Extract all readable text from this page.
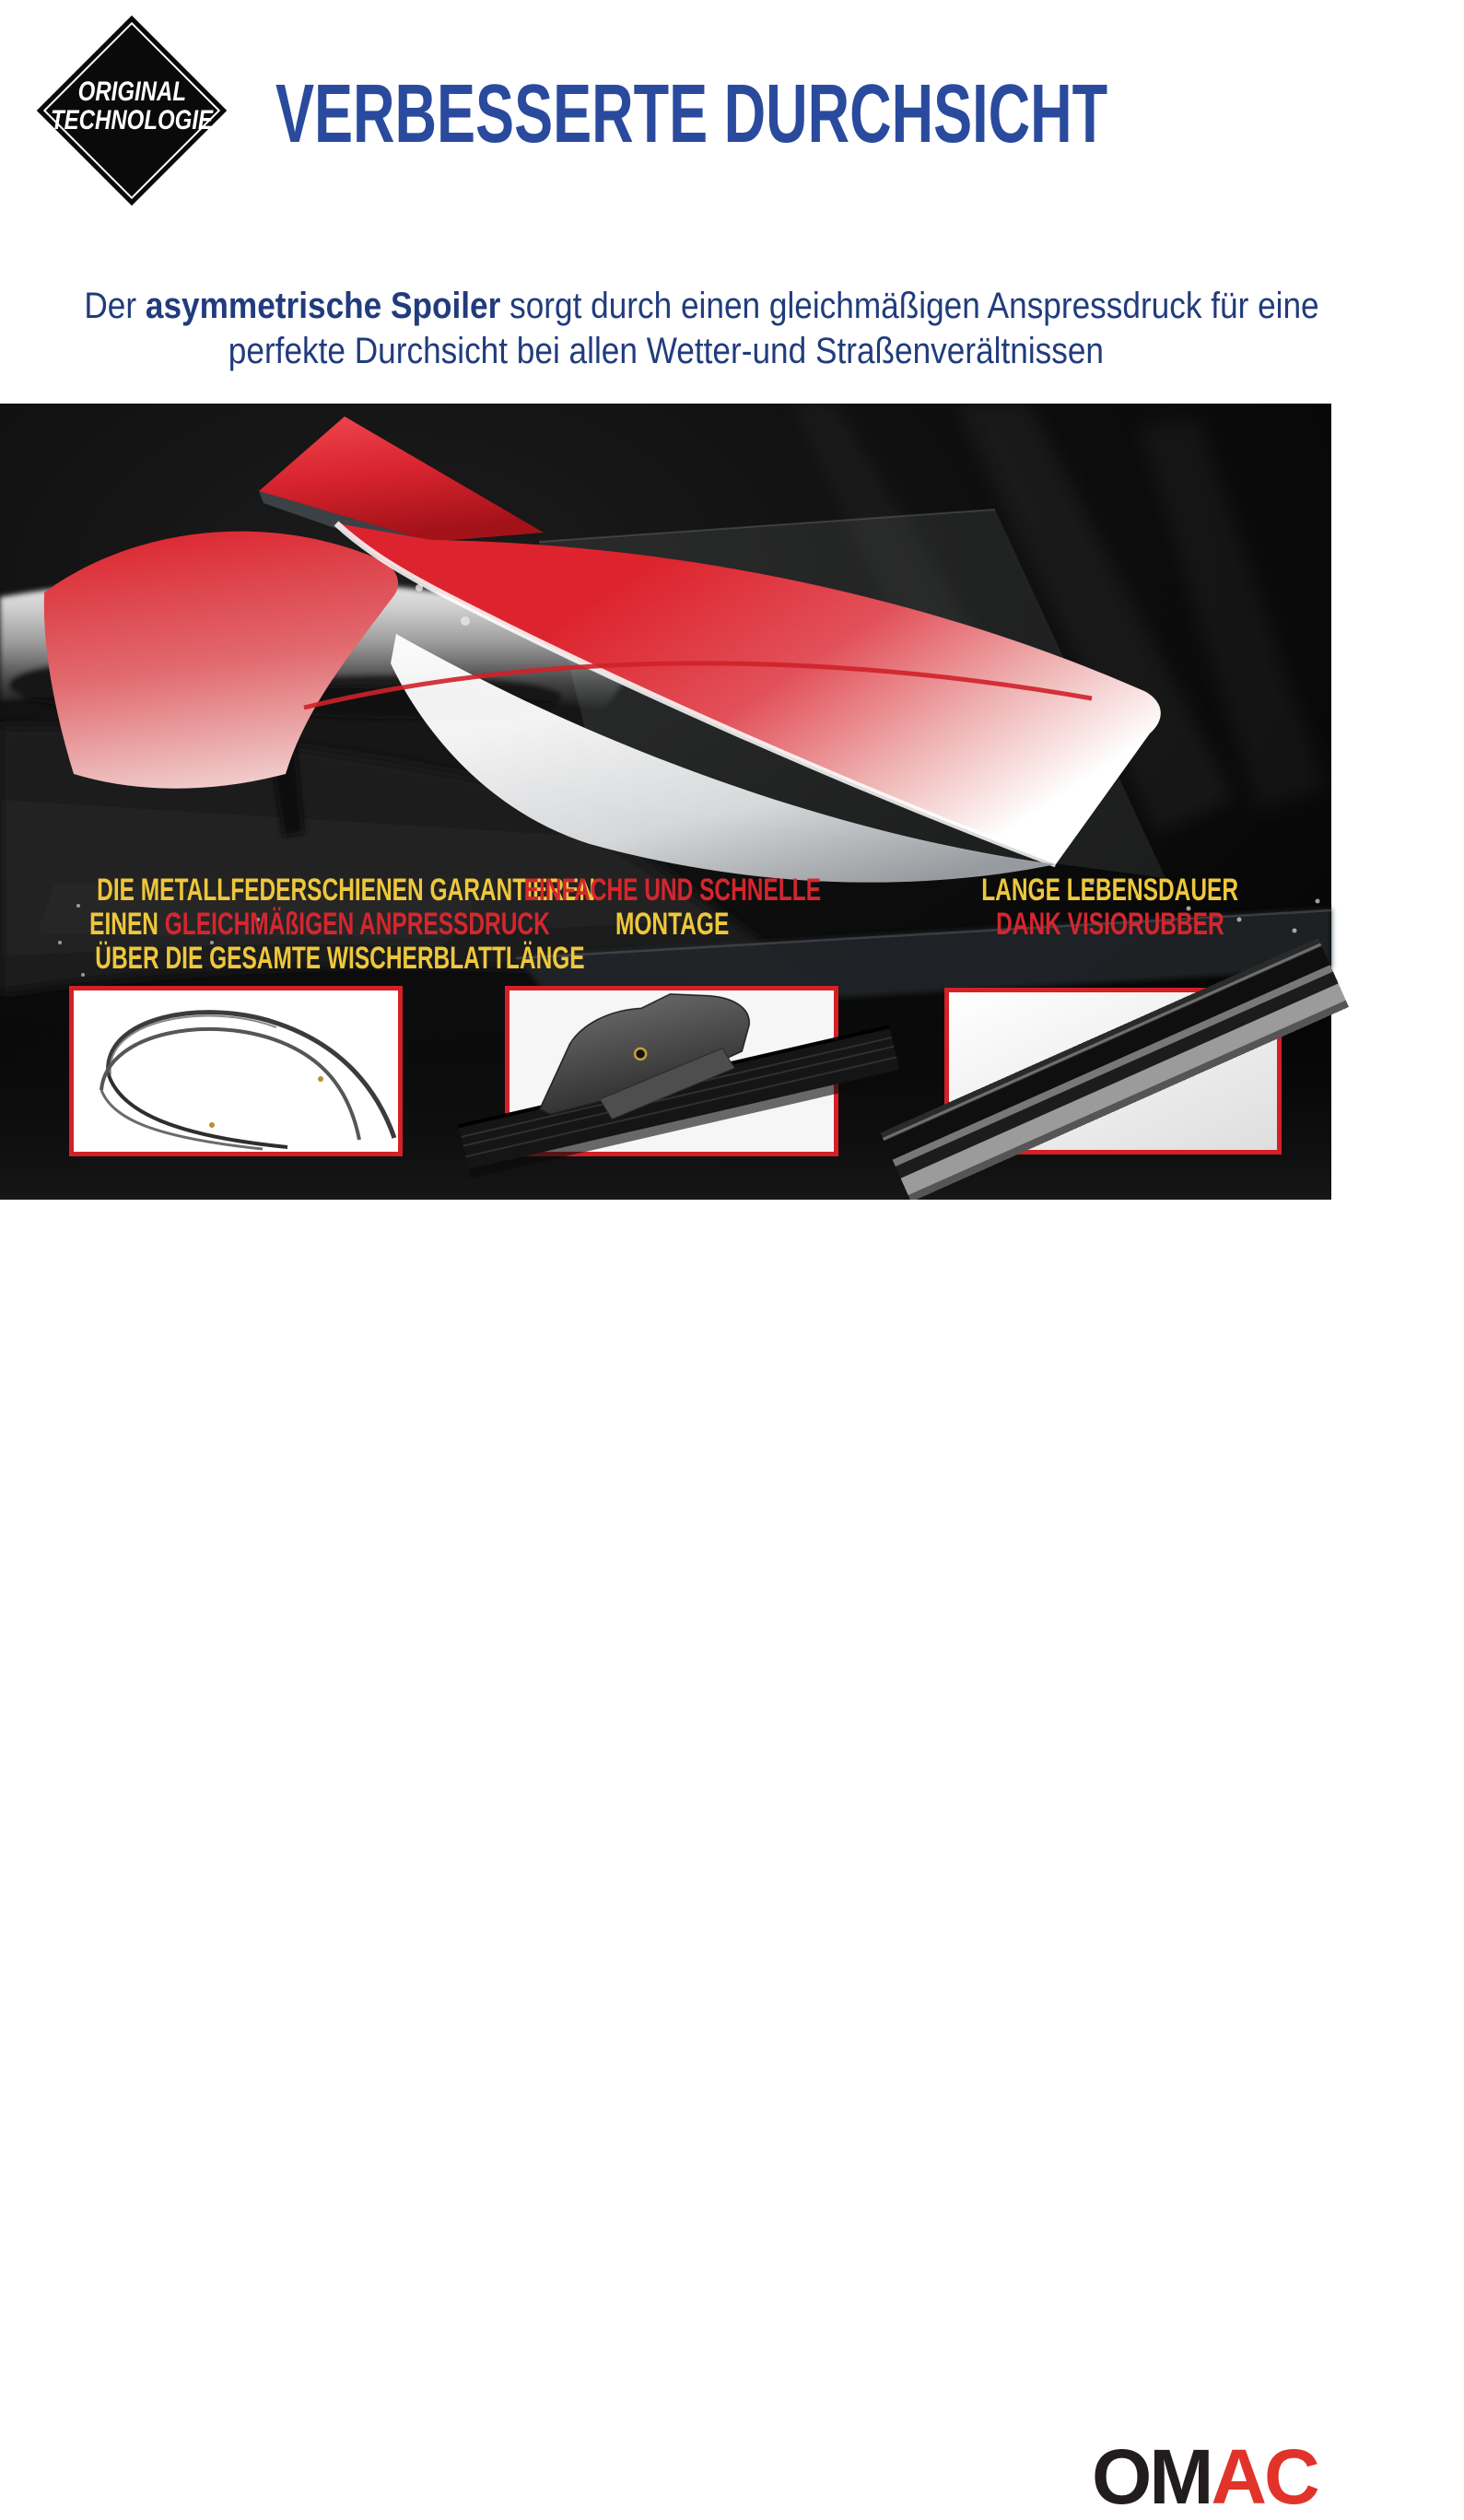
ORIGINAL
TECHNOLOGIE VERBESSERTE DURCHSICHT
Der asymmetrische Spoiler sorgt durch einen gleichmäßigen Anspressdruck für eine
perfekte Durchsicht bei allen Wetter-und Straßenverältnissen
DIE METALLFEDERSCHIENEN GARANTIEREN
EINEN GLEICHMÄßIGEN ANPRESSDRUCK
ÜBER DIE GESAMTE WISCHERBLATTLÄNGE
EINFACHE UND SCHNELLE
MONTAGE
LANGE LEBENSDAUER
DANK VISIORUBBER
OMAC
